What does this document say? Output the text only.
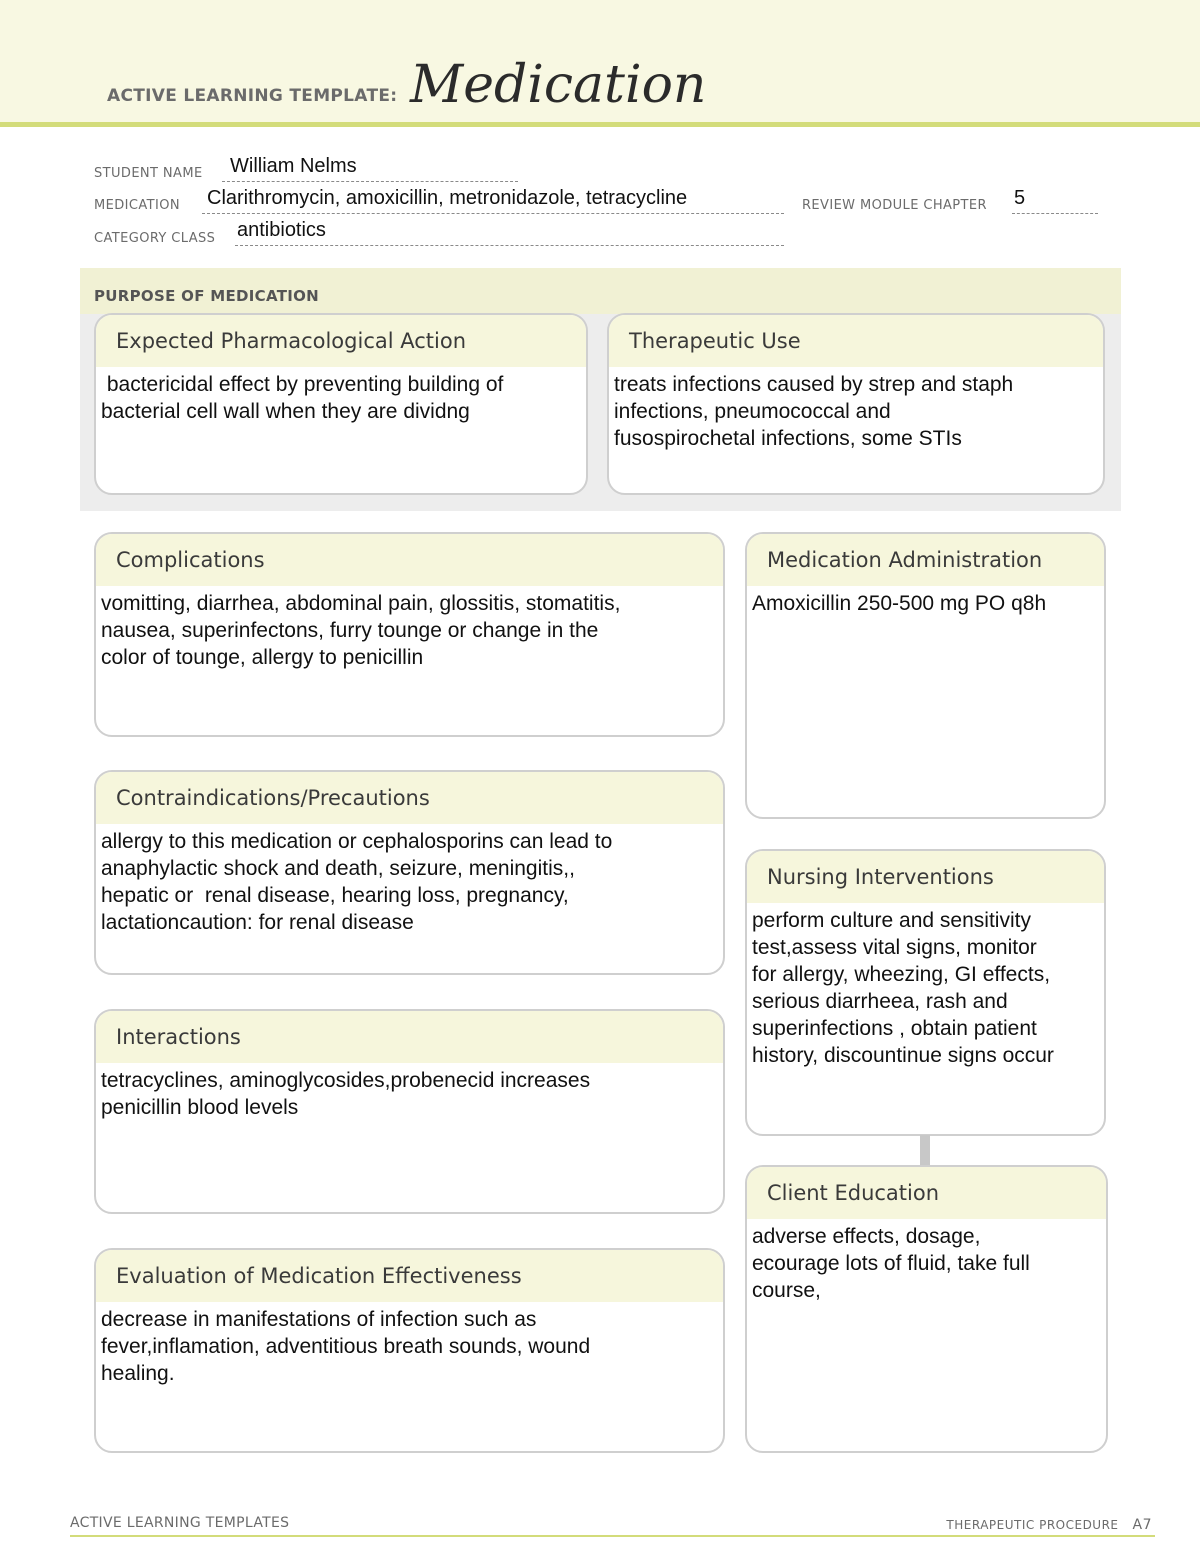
ACTIVE LEARNING TEMPLATE: Medication
STUDENT NAME William Nelms
MEDICATION Clarithromycin, amoxicillin, metronidazole, tetracycline	REVIEW MODULE CHAPTER 5
CATEGORY CLASS antibiotics
PURPOSE OF MEDICATION
Expected Pharmacological Action
bactericidal effect by preventing building of
bacterial cell wall when they are dividng
Therapeutic Use
treats infections caused by strep and staph
infections, pneumococcal and
fusospirochetal infections, some STIs
Complications
vomitting, diarrhea, abdominal pain, glossitis, stomatitis,
nausea, superinfectons, furry tounge or change in the
color of tounge, allergy to penicillin
Contraindications/Precautions
allergy to this medication or cephalosporins can lead to
anaphylactic shock and death, seizure, meningitis,,
hepatic or  renal disease, hearing loss, pregnancy,
lactationcaution: for renal disease
Interactions
tetracyclines, aminoglycosides,probenecid increases
penicillin blood levels
Evaluation of Medication Effectiveness
decrease in manifestations of infection such as
fever,inflamation, adventitious breath sounds, wound
healing.
Medication Administration
Amoxicillin 250-500 mg PO q8h
Nursing Interventions
perform culture and sensitivity
test,assess vital signs, monitor
for allergy, wheezing, GI effects,
serious diarrheea, rash and
superinfections , obtain patient
history, discountinue signs occur
Client Education
adverse effects, dosage,
ecourage lots of fluid, take full
course,
ACTIVE LEARNING TEMPLATES	THERAPEUTIC PROCEDURE A7
